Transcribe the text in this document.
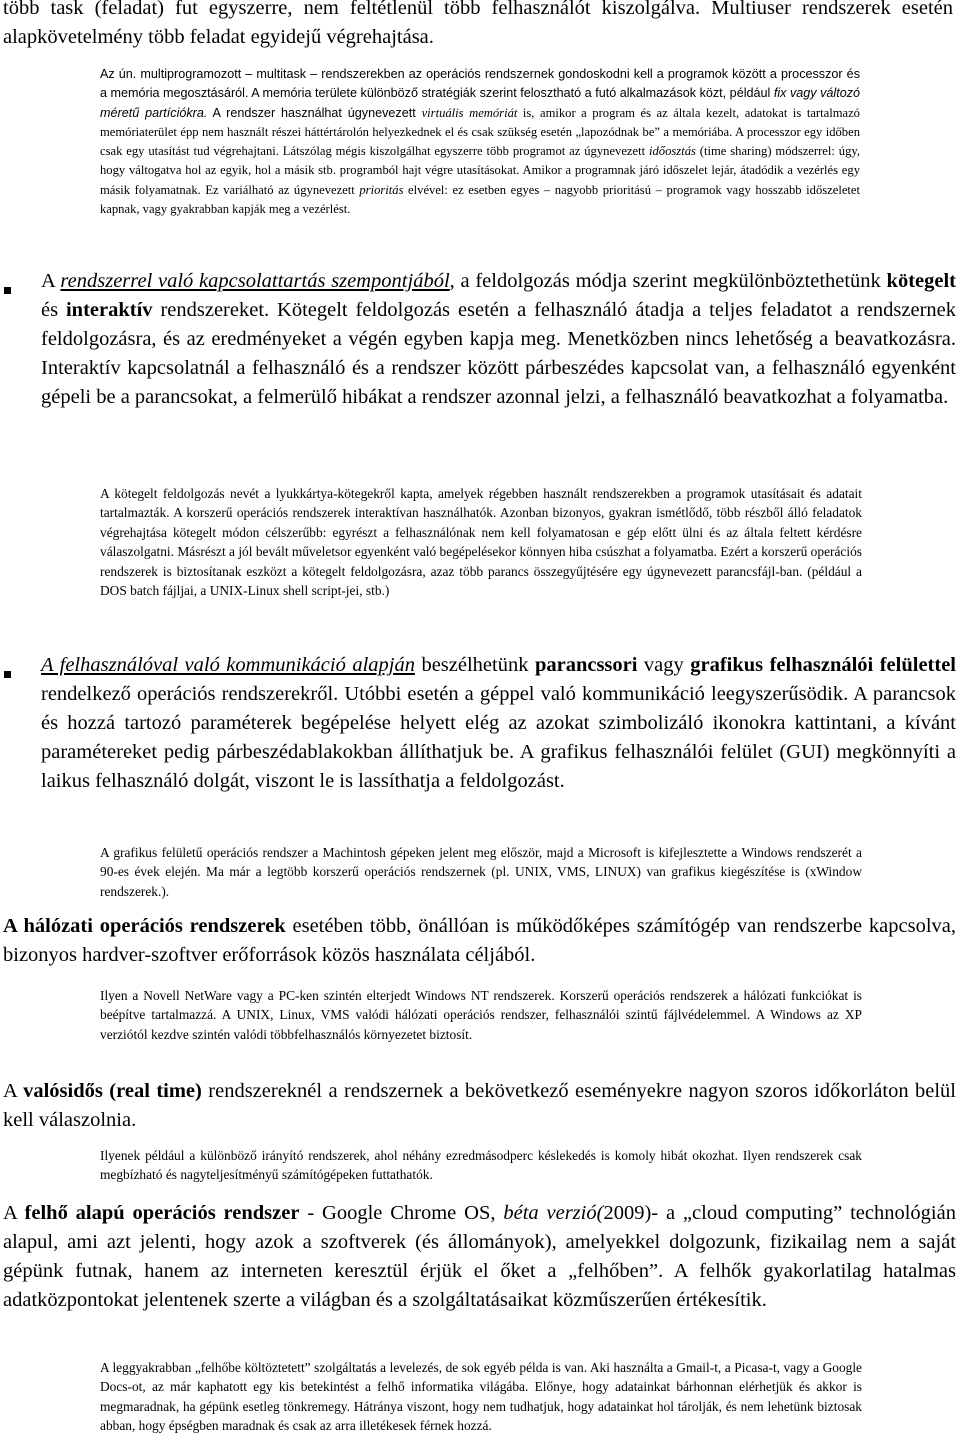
több task (feladat) fut egyszerre, nem feltétlenül több felhasználót kiszolgálva. Multiuser rendszerek esetén alapkövetelmény több feladat egyidejű végrehajtása.

Az ún. multiprogramozott – multitask – rendszerekben az operációs rendszernek gondoskodni kell a programok között a processzor és a memória megosztásáról. A memória területe különböző stratégiák szerint felosztható a futó alkalmazások közt, például fix vagy változó méretű partíciókra. A rendszer használhat úgynevezett virtuális memóriát is, amikor a program és az általa kezelt, adatokat is tartalmazó memóriaterület épp nem használt részei háttértárolón helyezkednek el és csak szükség esetén „lapozódnak be” a memóriába. A processzor egy időben csak egy utasítást tud végrehajtani. Látszólag mégis kiszolgálhat egyszerre több programot az úgynevezett időosztás (time sharing) módszerrel: úgy, hogy váltogatva hol az egyik, hol a másik stb. programból hajt végre utasításokat. Amikor a programnak járó időszelet lejár, átadódik a vezérlés egy másik folyamatnak. Ez variálható az úgynevezett prioritás elvével: ez esetben egyes – nagyobb prioritású – programok vagy hosszabb időszeletet kapnak, vagy gyakrabban kapják meg a vezérlést.

A rendszerrel való kapcsolattartás szempontjából, a feldolgozás módja szerint megkülönböztethetünk kötegelt és interaktív rendszereket. Kötegelt feldolgozás esetén a felhasználó átadja a teljes feladatot a rendszernek feldolgozásra, és az eredményeket a végén egyben kapja meg. Menetközben nincs lehetőség a beavatkozásra. Interaktív kapcsolatnál a felhasználó és a rendszer között párbeszédes kapcsolat van, a felhasználó egyenként gépeli be a parancsokat, a felmerülő hibákat a rendszer azonnal jelzi, a felhasználó beavatkozhat a folyamatba.

A kötegelt feldolgozás nevét a lyukkártya-kötegekről kapta, amelyek régebben használt rendszerekben a programok utasításait és adatait tartalmazták. A korszerű operációs rendszerek interaktívan használhatók. Azonban bizonyos, gyakran ismétlődő, több részből álló feladatok végrehajtása kötegelt módon célszerűbb: egyrészt a felhasználónak nem kell folyamatosan e gép előtt ülni és az általa feltett kérdésre válaszolgatni. Másrészt a jól bevált műveletsor egyenként való begépelésekor könnyen hiba csúszhat a folyamatba. Ezért a korszerű operációs rendszerek is biztosítanak eszközt a kötegelt feldolgozásra, azaz több parancs összegyűjtésére egy úgynevezett parancsfájl-ban. (például a DOS batch fájljai, a UNIX-Linux shell script-jei, stb.)

A felhasználóval való kommunikáció alapján beszélhetünk parancssori vagy grafikus felhasználói felülettel rendelkező operációs rendszerekről. Utóbbi esetén a géppel való kommunikáció leegyszerűsödik. A parancsok és hozzá tartozó paraméterek begépelése helyett elég az azokat szimbolizáló ikonokra kattintani, a kívánt paramétereket pedig párbeszédablakokban állíthatjuk be. A grafikus felhasználói felület (GUI) megkönnyíti a laikus felhasználó dolgát, viszont le is lassíthatja a feldolgozást.

A grafikus felületű operációs rendszer a Machintosh gépeken jelent meg először, majd a Microsoft is kifejlesztette a Windows rendszerét a 90-es évek elején. Ma már a legtöbb korszerű operációs rendszernek (pl. UNIX, VMS, LINUX) van grafikus kiegészítése is (xWindow rendszerek.).

A hálózati operációs rendszerek esetében több, önállóan is működőképes számítógép van rendszerbe kapcsolva, bizonyos hardver-szoftver erőforrások közös használata céljából.

Ilyen a Novell NetWare vagy a PC-ken szintén elterjedt Windows NT rendszerek. Korszerű operációs rendszerek a hálózati funkciókat is beépítve tartalmazzá. A UNIX, Linux, VMS valódi hálózati operációs rendszer, felhasználói szintű fájlvédelemmel. A Windows az XP verziótól kezdve szintén valódi többfelhasználós környezetet biztosít.

A valósidős (real time) rendszereknél a rendszernek a bekövetkező eseményekre nagyon szoros időkorláton belül kell válaszolnia.

Ilyenek például a különböző irányító rendszerek, ahol néhány ezredmásodperc késlekedés is komoly hibát okozhat. Ilyen rendszerek csak megbízható és nagyteljesítményű számítógépeken futtathatók.

A felhő alapú operációs rendszer - Google Chrome OS, béta verzió(2009)- a „cloud computing” technológián alapul, ami azt jelenti, hogy azok a szoftverek (és állományok), amelyekkel dolgozunk, fizikailag nem a saját gépünk futnak, hanem az interneten keresztül érjük el őket a „felhőben”. A felhők gyakorlatilag hatalmas adatközpontokat jelentenek szerte a világban és a szolgáltatásaikat közműszerűen értékesítik.

A leggyakrabban „felhőbe költöztetett” szolgáltatás a levelezés, de sok egyéb példa is van. Aki használta a Gmail-t, a Picasa-t, vagy a Google Docs-ot, az már kaphatott egy kis betekintést a felhő informatika világába. Előnye, hogy adatainkat bárhonnan elérhetjük és akkor is megmaradnak, ha gépünk esetleg tönkremegy. Hátránya viszont, hogy nem tudhatjuk, hogy adatainkat hol tárolják, és nem lehetünk biztosak abban, hogy épségben maradnak és csak az arra illetékesek férnek hozzá.
